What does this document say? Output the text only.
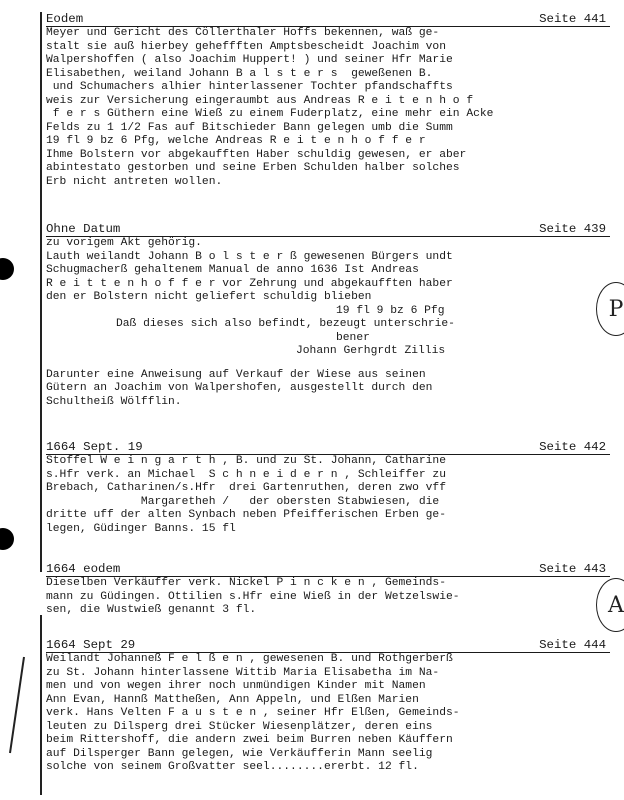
P
A
Eodem	Seite 441
Meyer und Gericht des Cöllerthaler Hoffs bekennen, waß ge-
stalt sie auß hierbey geheffften Amptsbescheidt Joachim von
Walpershoffen ( also Joachim Huppert! ) und seiner Hfr Marie
Elisabethen, weiland Johann B a l s t e r s  geweßenen B.
und Schumachers alhier hinterlassener Tochter pfandschaffts
weis zur Versicherung eingeraumbt aus Andreas R e i t e n h o f
f e r s Güthern eine Wieß zu einem Fuderplatz, eine mehr ein Acke
Felds zu 1 1/2 Fas auf Bitschieder Bann gelegen umb die Summ
19 fl 9 bz 6 Pfg, welche Andreas R e i t e n h o f f e r
Ihme Bolstern vor abgekaufften Haber schuldig gewesen, er aber
abintestato gestorben und seine Erben Schulden halber solches
Erb nicht antreten wollen.
Ohne Datum	Seite 439
zu vorigem Akt gehörig.
Lauth weilandt Johann B o l s t e r ß gewesenen Bürgers undt
Schugmacherß gehaltenem Manual de anno 1636 Ist Andreas
R e i t t e n h o f f e r vor Zehrung und abgekaufften haber
den er Bolstern nicht geliefert schuldig blieben
19 fl 9 bz 6 Pfg
Daß dieses sich also befindt, bezeugt unterschrie-
bener
Johann Gerhgrdt Zillis
Darunter eine Anweisung auf Verkauf der Wiese aus seinen
Gütern an Joachim von Walpershofen, ausgestellt durch den
Schultheiß Wölfflin.
1664 Sept. 19	Seite 442
Stoffel W e i n g a r t h , B. und zu St. Johann, Catharine
s.Hfr verk. an Michael  S c h n e i d e r n , Schleiffer zu
Brebach, Catharinen/s.Hfr  drei Gartenruthen, deren zwo vff
Margaretheh /   der obersten Stabwiesen, die
dritte uff der alten Synbach neben Pfeifferischen Erben ge-
legen, Güdinger Banns. 15 fl
1664 eodem	Seite 443
Dieselben Verkäuffer verk. Nickel P i n c k e n , Gemeinds-
mann zu Güdingen. Ottilien s.Hfr eine Wieß in der Wetzelswie-
sen, die Wustwieß genannt 3 fl.
1664 Sept 29	Seite 444
Weilandt Johanneß F e l ß e n , gewesenen B. und Rothgerberß
zu St. Johann hinterlassene Wittib Maria Elisabetha im Na-
men und von wegen ihrer noch unmündigen Kinder mit Namen
Ann Evan, Hannß Mattheßen, Ann Appeln, und Elßen Marien
verk. Hans Velten F a u s t e n , seiner Hfr Elßen, Gemeinds-
leuten zu Dilsperg drei Stücker Wiesenplätzer, deren eins
beim Rittershoff, die andern zwei beim Burren neben Käuffern
auf Dilsperger Bann gelegen, wie Verkäufferin Mann seelig
solche von seinem Großvatter seel........ererbt. 12 fl.
